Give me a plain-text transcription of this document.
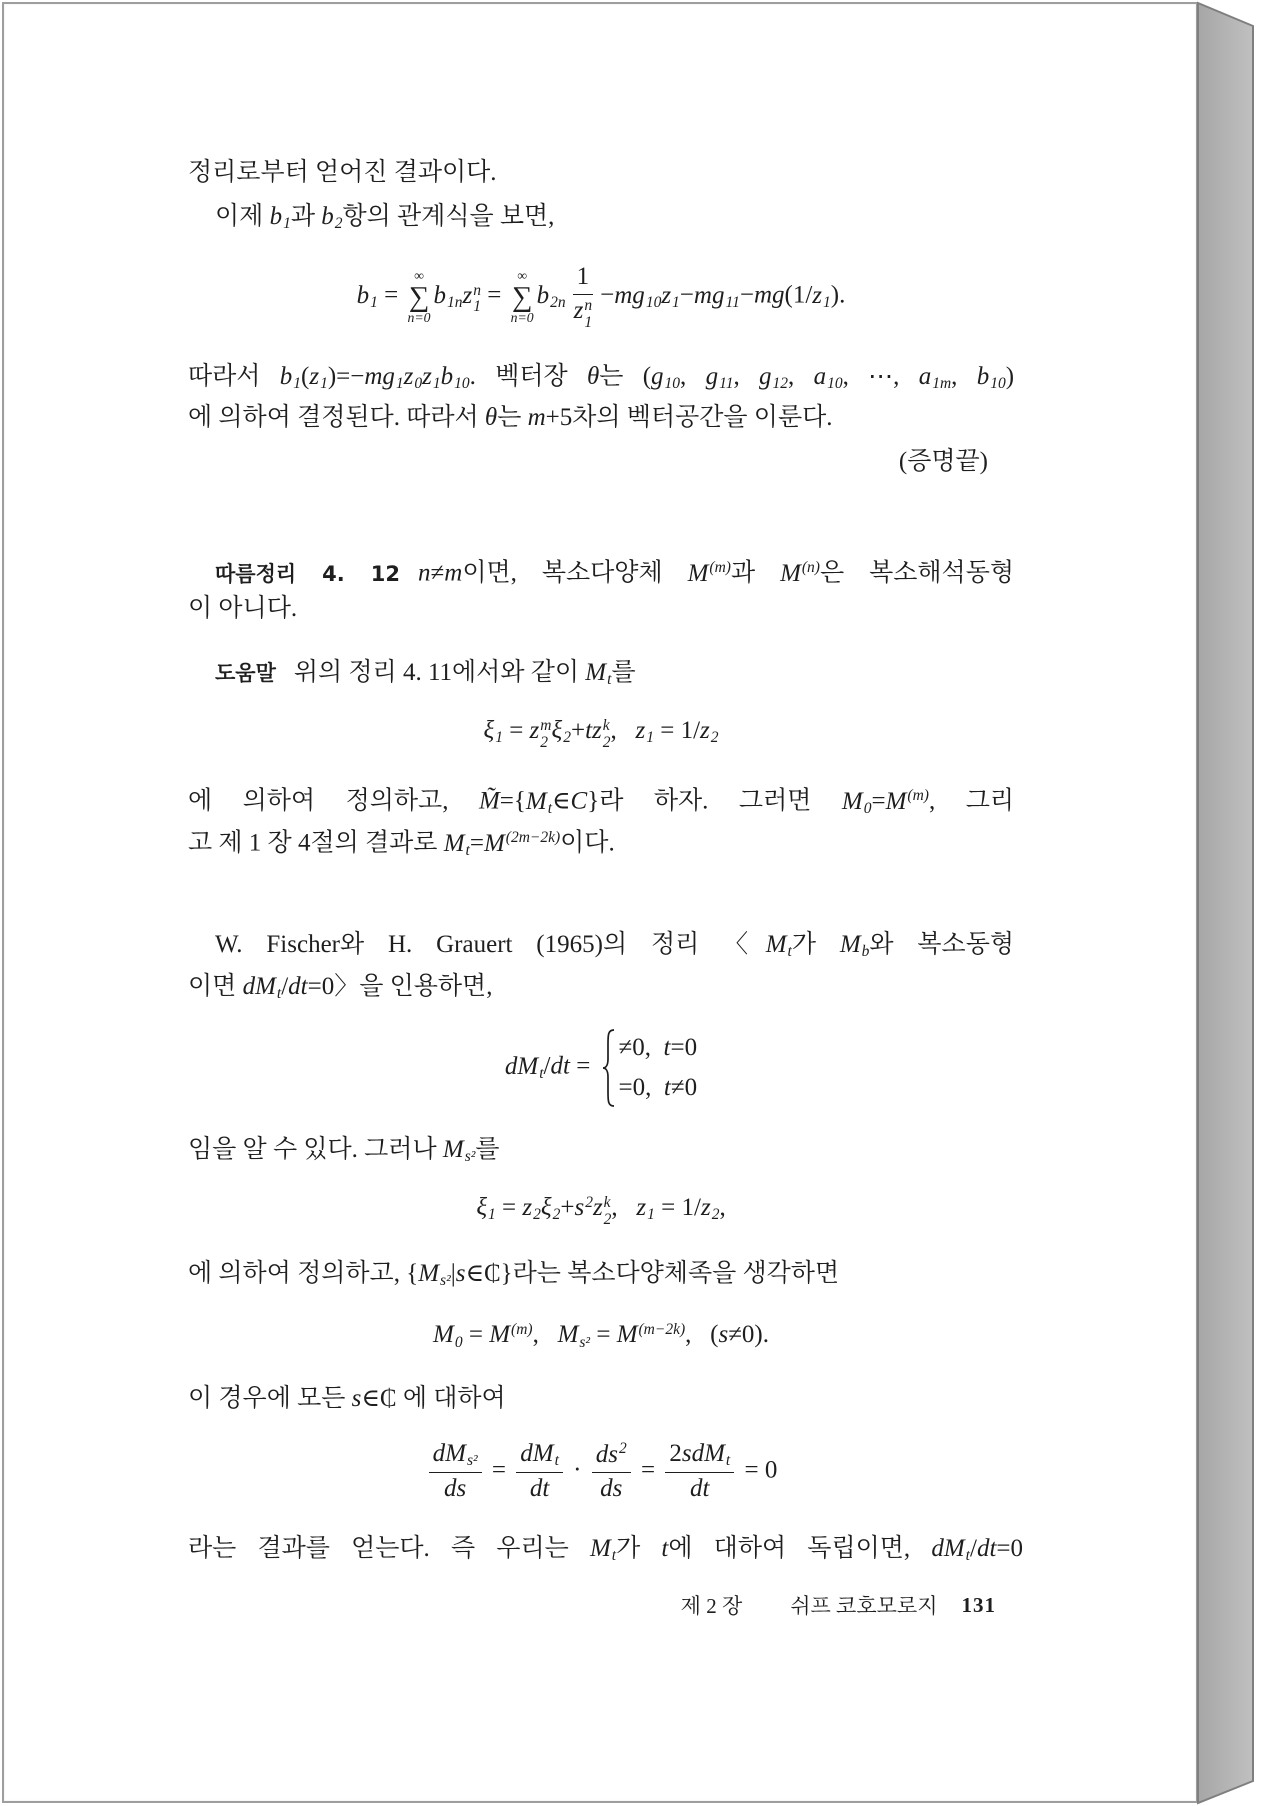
정리로부터 얻어진 결과이다.
이제 b1과 b2항의 관계식을 보면,
b1 =
∞
∑
n=0
b1nz n
1 =
∞
∑
n=0
b2n 1
z n
1 −mg10z1−mg11−mg(1/z1).
따라서 b1(z1)=−mg1z0z1b10. 벡터장 θ는 (g10, g11, g12, a10, ⋯, a1m, b10)
에 의하여 결정된다. 따라서 θ는 m+5차의 벡터공간을 이룬다.
(증명끝)
따름정리 4. 12 n≠m이면, 복소다양체 $M^{(m)}$과 $M^{(n)}$은 복소해석동형
이 아니다.
도움말 위의 정리 4. 11에서와 같이 Mt를
ξ1 = z m
2 ξ2+tz k
2 ,   z1 = 1/z2
에 의하여 정의하고, M̃={Mt∈C}라 하자. 그러면 $M0=M^{(m)}$, 그리
고 제 1 장 4절의 결과로 $Mt=M^{(2m-2k)}$이다.
W. Fischer와 H. Grauert (1965)의 정리 〈Mt가 Mb와 복소동형
이면 dMt/dt=0〉을 인용하면,
dMt/dt =
≠0,  t=0
=0,  t≠0
임을 알 수 있다. 그러나 Ms²를
$\xi 1 = z2\xi 2+s^2z$ k
2 ,   z1 = 1/z2,
에 의하여 정의하고, {Ms²|s∈₵}라는 복소다양체족을 생각하면
$M0 = M^{(m)}$,   $Ms^2 = M^{(m-2k)}$,   (s≠0).
이 경우에 모든 s∈₵ 에 대하여
dMs²
ds
=
dMt
dt
· $\frac{ds^2}{ds}$ =
2sdMt
dt
= 0
라는 결과를 얻는다. 즉 우리는 Mt가 t에 대하여 독립이면, dMt/dt=0
제 2 장 쉬프 코호모로지 131
